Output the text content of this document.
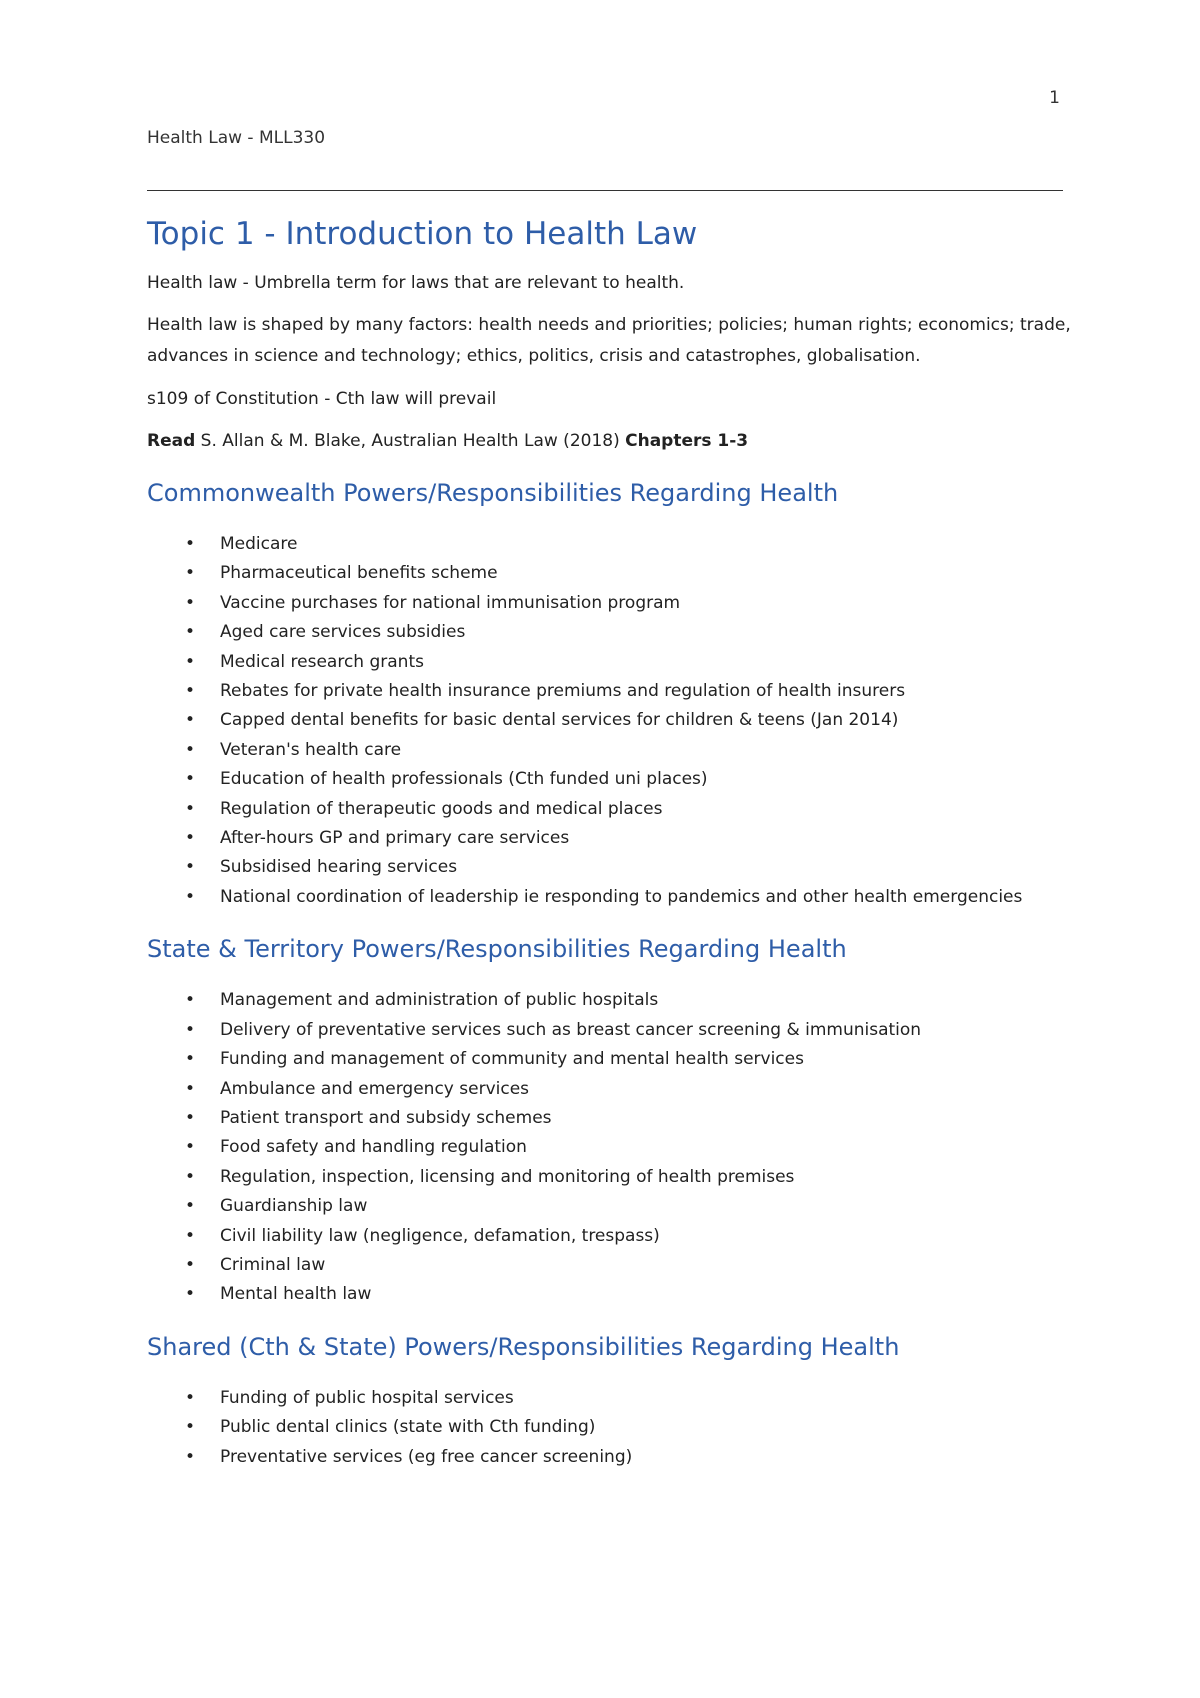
1
Health Law - MLL330
Topic 1 - Introduction to Health Law

Health law - Umbrella term for laws that are relevant to health.

Health law is shaped by many factors: health needs and priorities; policies; human rights; economics; trade, advances in science and technology; ethics, politics, crisis and catastrophes, globalisation.

s109 of Constitution - Cth law will prevail

Read S. Allan & M. Blake, Australian Health Law (2018) Chapters 1-3

Commonwealth Powers/Responsibilities Regarding Health
• Medicare
• Pharmaceutical benefits scheme
• Vaccine purchases for national immunisation program
• Aged care services subsidies
• Medical research grants
• Rebates for private health insurance premiums and regulation of health insurers
• Capped dental benefits for basic dental services for children & teens (Jan 2014)
• Veteran's health care
• Education of health professionals (Cth funded uni places)
• Regulation of therapeutic goods and medical places
• After-hours GP and primary care services
• Subsidised hearing services
• National coordination of leadership ie responding to pandemics and other health emergencies
State & Territory Powers/Responsibilities Regarding Health
• Management and administration of public hospitals
• Delivery of preventative services such as breast cancer screening & immunisation
• Funding and management of community and mental health services
• Ambulance and emergency services
• Patient transport and subsidy schemes
• Food safety and handling regulation
• Regulation, inspection, licensing and monitoring of health premises
• Guardianship law
• Civil liability law (negligence, defamation, trespass)
• Criminal law
• Mental health law
Shared (Cth & State) Powers/Responsibilities Regarding Health
• Funding of public hospital services
• Public dental clinics (state with Cth funding)
• Preventative services (eg free cancer screening)
